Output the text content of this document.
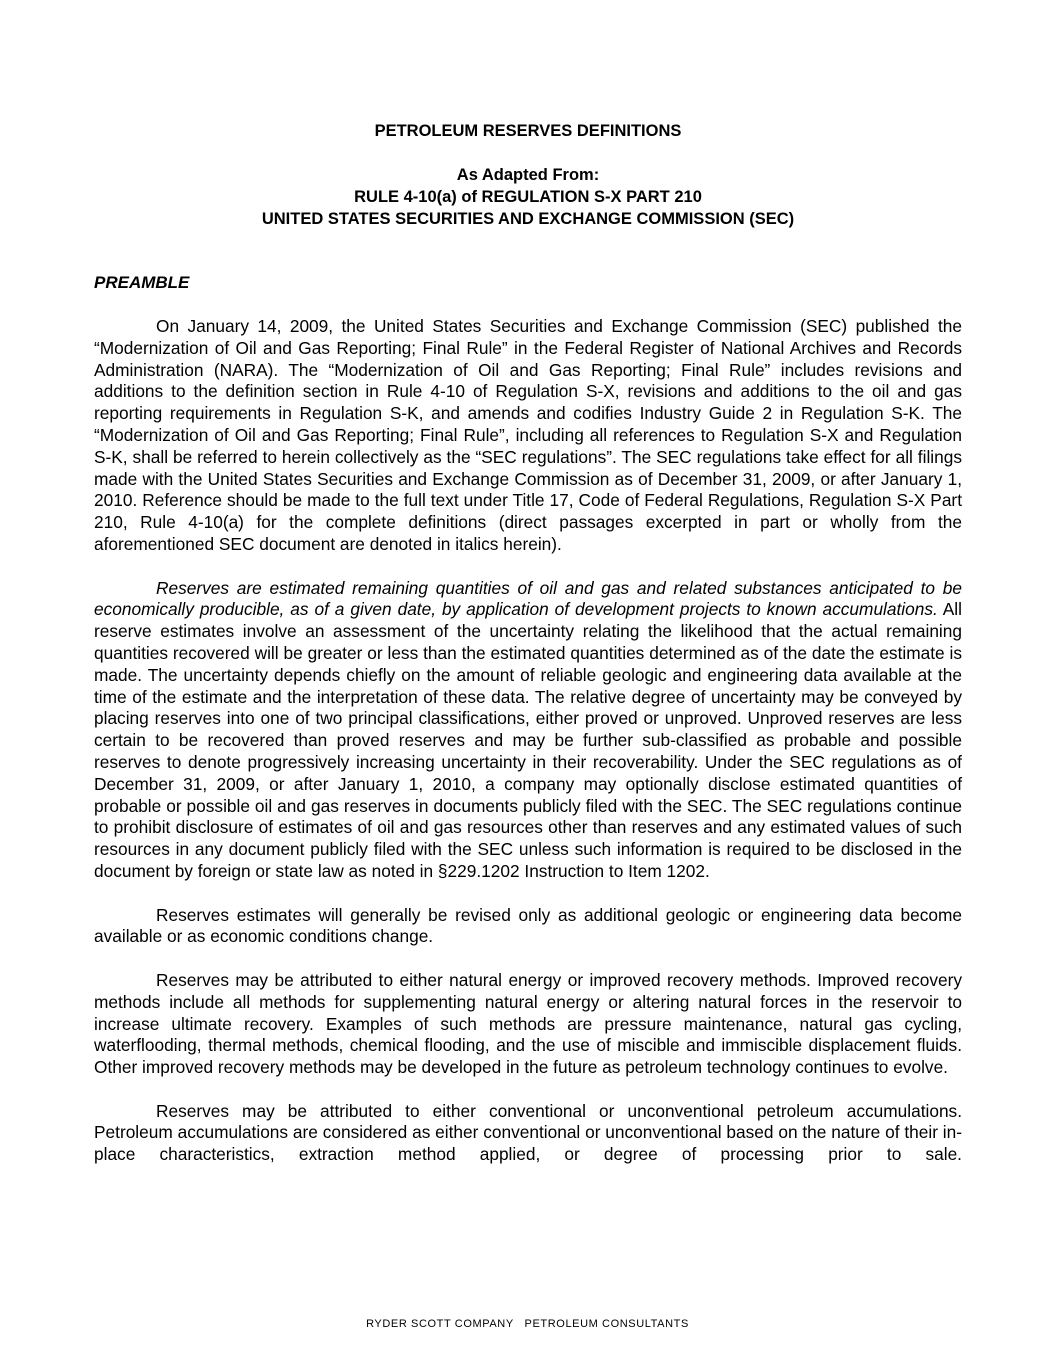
PETROLEUM RESERVES DEFINITIONS
As Adapted From:
RULE 4-10(a) of REGULATION S-X PART 210
UNITED STATES SECURITIES AND EXCHANGE COMMISSION (SEC)
PREAMBLE

On January 14, 2009, the United States Securities and Exchange Commission (SEC) published the “Modernization of Oil and Gas Reporting; Final Rule” in the Federal Register of National Archives and Records Administration (NARA). The “Modernization of Oil and Gas Reporting; Final Rule” includes revisions and additions to the definition section in Rule 4-10 of Regulation S-X, revisions and additions to the oil and gas reporting requirements in Regulation S-K, and amends and codifies Industry Guide 2 in Regulation S-K. The “Modernization of Oil and Gas Reporting; Final Rule”, including all references to Regulation S-X and Regulation S-K, shall be referred to herein collectively as the “SEC regulations”. The SEC regulations take effect for all filings made with the United States Securities and Exchange Commission as of December 31, 2009, or after January 1, 2010. Reference should be made to the full text under Title 17, Code of Federal Regulations, Regulation S-X Part 210, Rule 4-10(a) for the complete definitions (direct passages excerpted in part or wholly from the aforementioned SEC document are denoted in italics herein).

Reserves are estimated remaining quantities of oil and gas and related substances anticipated to be economically producible, as of a given date, by application of development projects to known accumulations. All reserve estimates involve an assessment of the uncertainty relating the likelihood that the actual remaining quantities recovered will be greater or less than the estimated quantities determined as of the date the estimate is made. The uncertainty depends chiefly on the amount of reliable geologic and engineering data available at the time of the estimate and the interpretation of these data. The relative degree of uncertainty may be conveyed by placing reserves into one of two principal classifications, either proved or unproved. Unproved reserves are less certain to be recovered than proved reserves and may be further sub-classified as probable and possible reserves to denote progressively increasing uncertainty in their recoverability. Under the SEC regulations as of December 31, 2009, or after January 1, 2010, a company may optionally disclose estimated quantities of probable or possible oil and gas reserves in documents publicly filed with the SEC. The SEC regulations continue to prohibit disclosure of estimates of oil and gas resources other than reserves and any estimated values of such resources in any document publicly filed with the SEC unless such information is required to be disclosed in the document by foreign or state law as noted in §229.1202 Instruction to Item 1202.

Reserves estimates will generally be revised only as additional geologic or engineering data become available or as economic conditions change.

Reserves may be attributed to either natural energy or improved recovery methods. Improved recovery methods include all methods for supplementing natural energy or altering natural forces in the reservoir to increase ultimate recovery. Examples of such methods are pressure maintenance, natural gas cycling, waterflooding, thermal methods, chemical flooding, and the use of miscible and immiscible displacement fluids. Other improved recovery methods may be developed in the future as petroleum technology continues to evolve.

Reserves may be attributed to either conventional or unconventional petroleum accumulations. Petroleum accumulations are considered as either conventional or unconventional based on the nature of their in-place characteristics, extraction method applied, or degree of processing prior to sale.

RYDER SCOTT COMPANY   PETROLEUM CONSULTANTS
